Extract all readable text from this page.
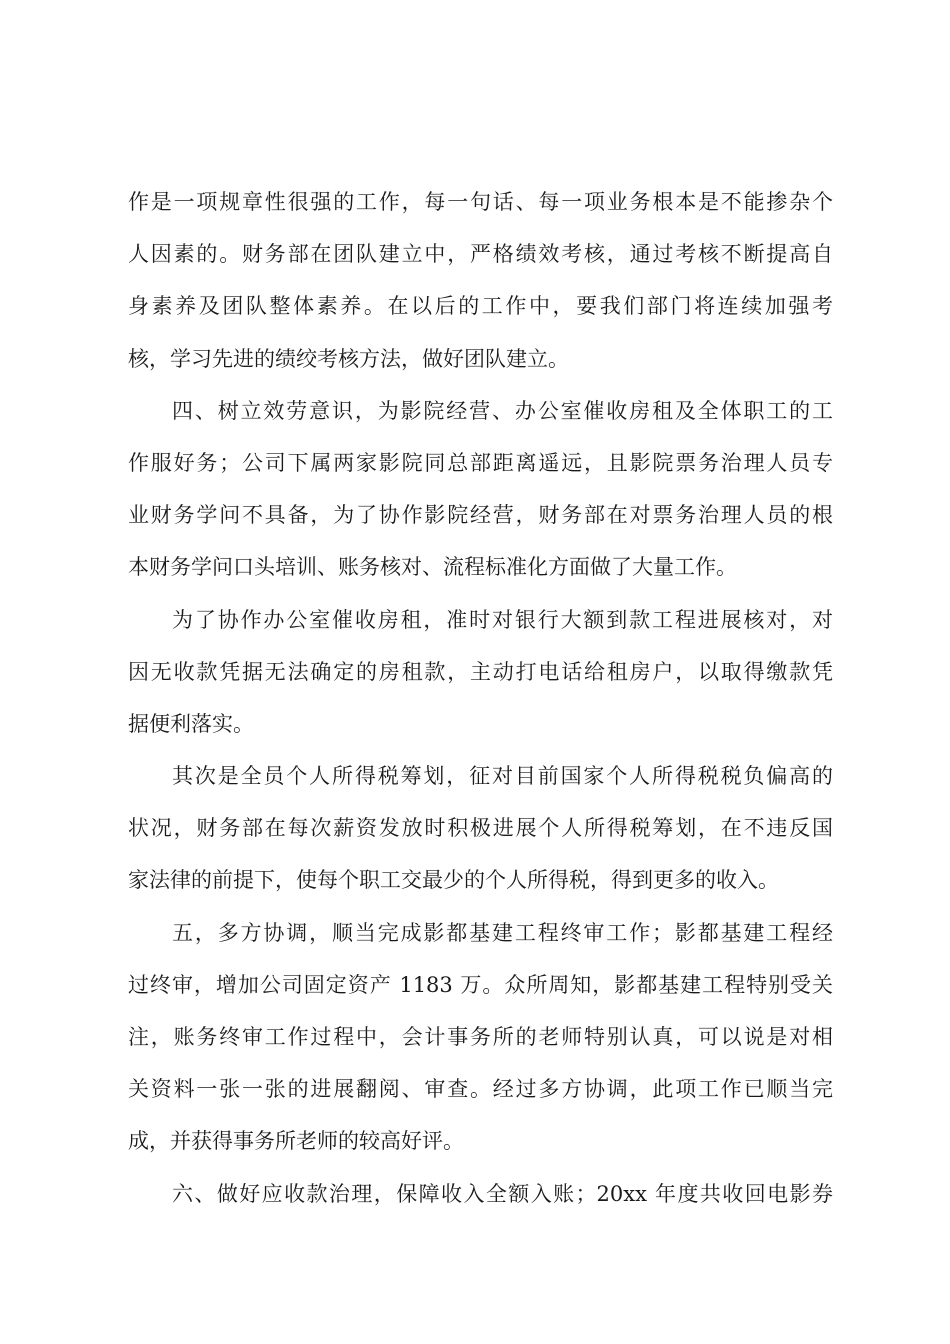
作是一项规章性很强的工作，每一句话、每一项业务根本是不能掺杂个
人因素的。财务部在团队建立中，严格绩效考核，通过考核不断提高自
身素养及团队整体素养。在以后的工作中，要我们部门将连续加强考
核，学习先进的绩绞考核方法，做好团队建立。
四、树立效劳意识，为影院经营、办公室催收房租及全体职工的工
作服好务；公司下属两家影院同总部距离遥远，且影院票务治理人员专
业财务学问不具备，为了协作影院经营，财务部在对票务治理人员的根
本财务学问口头培训、账务核对、流程标准化方面做了大量工作。
为了协作办公室催收房租，准时对银行大额到款工程进展核对，对
因无收款凭据无法确定的房租款，主动打电话给租房户，以取得缴款凭
据便利落实。
其次是全员个人所得税筹划，征对目前国家个人所得税税负偏高的
状况，财务部在每次薪资发放时积极进展个人所得税筹划，在不违反国
家法律的前提下，使每个职工交最少的个人所得税，得到更多的收入。
五，多方协调，顺当完成影都基建工程终审工作；影都基建工程经
过终审，增加公司固定资产 1183 万。众所周知，影都基建工程特别受关
注，账务终审工作过程中，会计事务所的老师特别认真，可以说是对相
关资料一张一张的进展翻阅、审查。经过多方协调，此项工作已顺当完
成，并获得事务所老师的较高好评。
六、做好应收款治理，保障收入全额入账；20xx 年度共收回电影券
